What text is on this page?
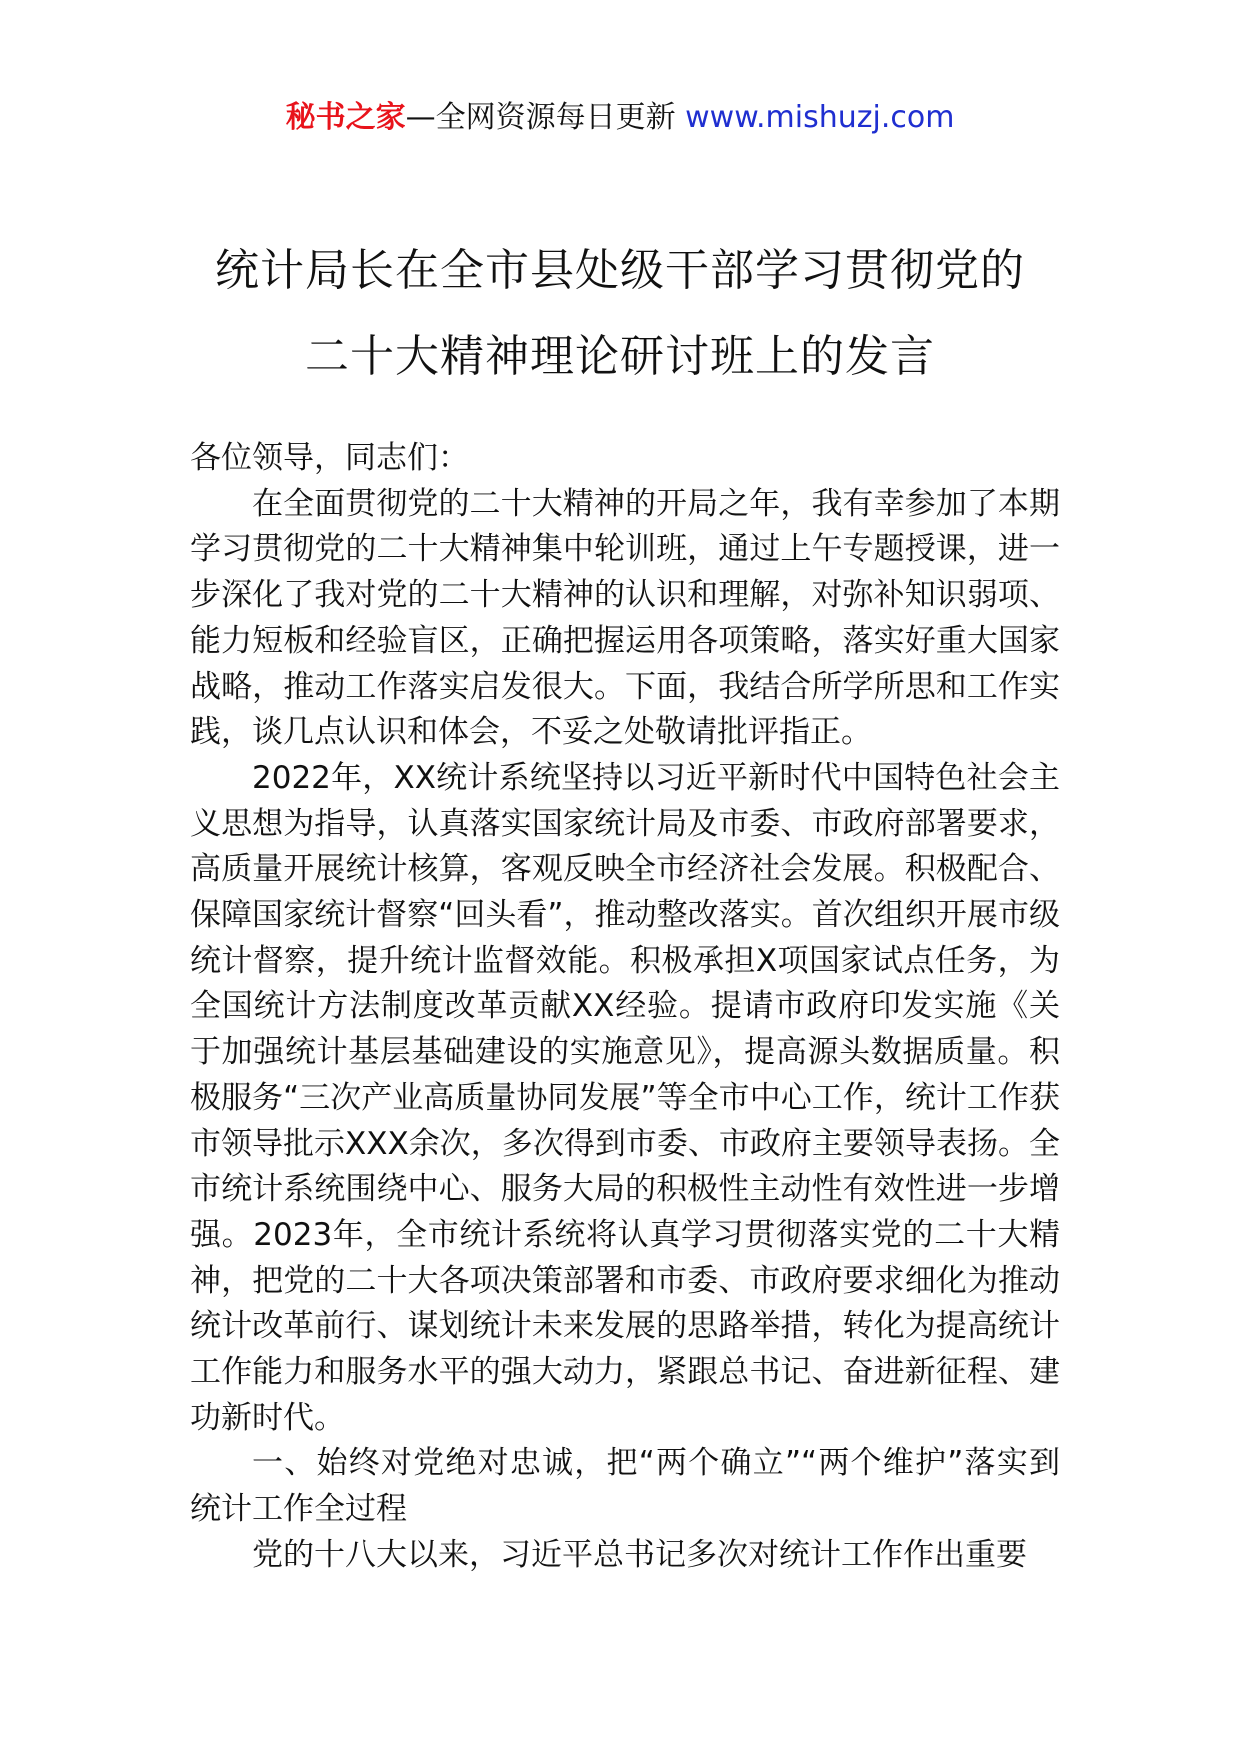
秘书之家—全网资源每日更新 www.mishuzj.com
统计局长在全市县处级干部学习贯彻党的
二十大精神理论研讨班上的发言

各位领导，同志们：

在全面贯彻党的二十大精神的开局之年，我有幸参加了本期学习贯彻党的二十大精神集中轮训班，通过上午专题授课，进一步深化了我对党的二十大精神的认识和理解，对弥补知识弱项、能力短板和经验盲区，正确把握运用各项策略，落实好重大国家战略，推动工作落实启发很大。下面，我结合所学所思和工作实践，谈几点认识和体会，不妥之处敬请批评指正。

2022年，XX统计系统坚持以习近平新时代中国特色社会主义思想为指导，认真落实国家统计局及市委、市政府部署要求，高质量开展统计核算，客观反映全市经济社会发展。积极配合、保障国家统计督察“回头看”，推动整改落实。首次组织开展市级统计督察，提升统计监督效能。积极承担X项国家试点任务，为全国统计方法制度改革贡献XX经验。提请市政府印发实施《关于加强统计基层基础建设的实施意见》，提高源头数据质量。积极服务“三次产业高质量协同发展”等全市中心工作，统计工作获市领导批示XXX余次，多次得到市委、市政府主要领导表扬。全市统计系统围绕中心、服务大局的积极性主动性有效性进一步增强。2023年，全市统计系统将认真学习贯彻落实党的二十大精神，把党的二十大各项决策部署和市委、市政府要求细化为推动统计改革前行、谋划统计未来发展的思路举措，转化为提高统计工作能力和服务水平的强大动力，紧跟总书记、奋进新征程、建功新时代。

一、始终对党绝对忠诚，把“两个确立”“两个维护”落实到统计工作全过程

党的十八大以来，习近平总书记多次对统计工作作出重要
